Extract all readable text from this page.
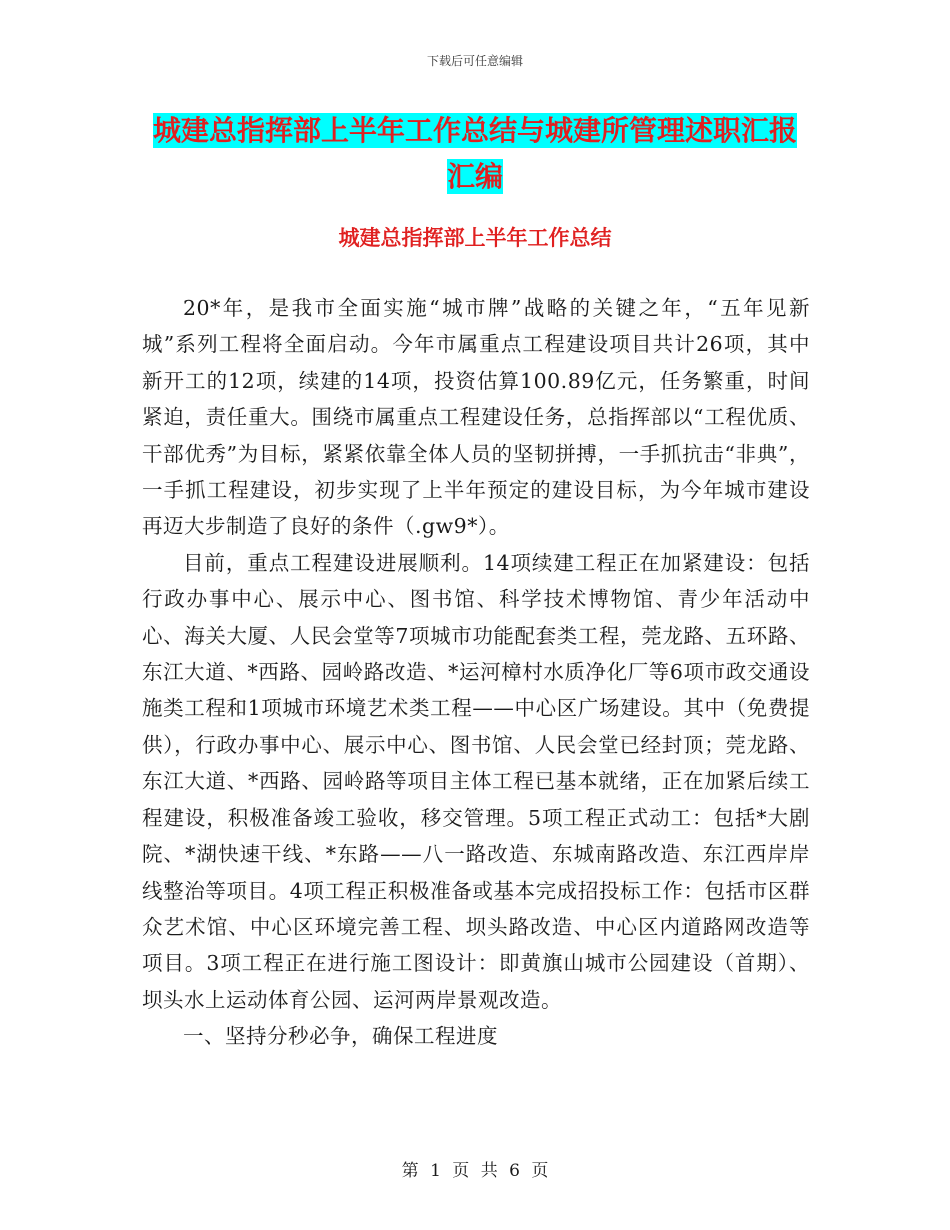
下载后可任意编辑
城建总指挥部上半年工作总结与城建所管理述职汇报
汇编
城建总指挥部上半年工作总结

20*年，是我市全面实施“城市牌”战略的关键之年，“五年见新城”系列工程将全面启动。今年市属重点工程建设项目共计26项，其中新开工的12项，续建的14项，投资估算100.89亿元，任务繁重，时间紧迫，责任重大。围绕市属重点工程建设任务，总指挥部以“工程优质、干部优秀”为目标，紧紧依靠全体人员的坚韧拼搏，一手抓抗击“非典”，一手抓工程建设，初步实现了上半年预定的建设目标，为今年城市建设再迈大步制造了良好的条件（.gw9*）。

目前，重点工程建设进展顺利。14项续建工程正在加紧建设：包括行政办事中心、展示中心、图书馆、科学技术博物馆、青少年活动中心、海关大厦、人民会堂等7项城市功能配套类工程，莞龙路、五环路、东江大道、*西路、园岭路改造、*运河樟村水质净化厂等6项市政交通设施类工程和1项城市环境艺术类工程——中心区广场建设。其中（免费提供），行政办事中心、展示中心、图书馆、人民会堂已经封顶；莞龙路、东江大道、*西路、园岭路等项目主体工程已基本就绪，正在加紧后续工程建设，积极准备竣工验收，移交管理。5项工程正式动工：包括*大剧院、*湖快速干线、*东路——八一路改造、东城南路改造、东江西岸岸线整治等项目。4项工程正积极准备或基本完成招投标工作：包括市区群众艺术馆、中心区环境完善工程、坝头路改造、中心区内道路网改造等项目。3项工程正在进行施工图设计：即黄旗山城市公园建设（首期）、坝头水上运动体育公园、运河两岸景观改造。

一、坚持分秒必争，确保工程进度

第 1 页 共 6 页
